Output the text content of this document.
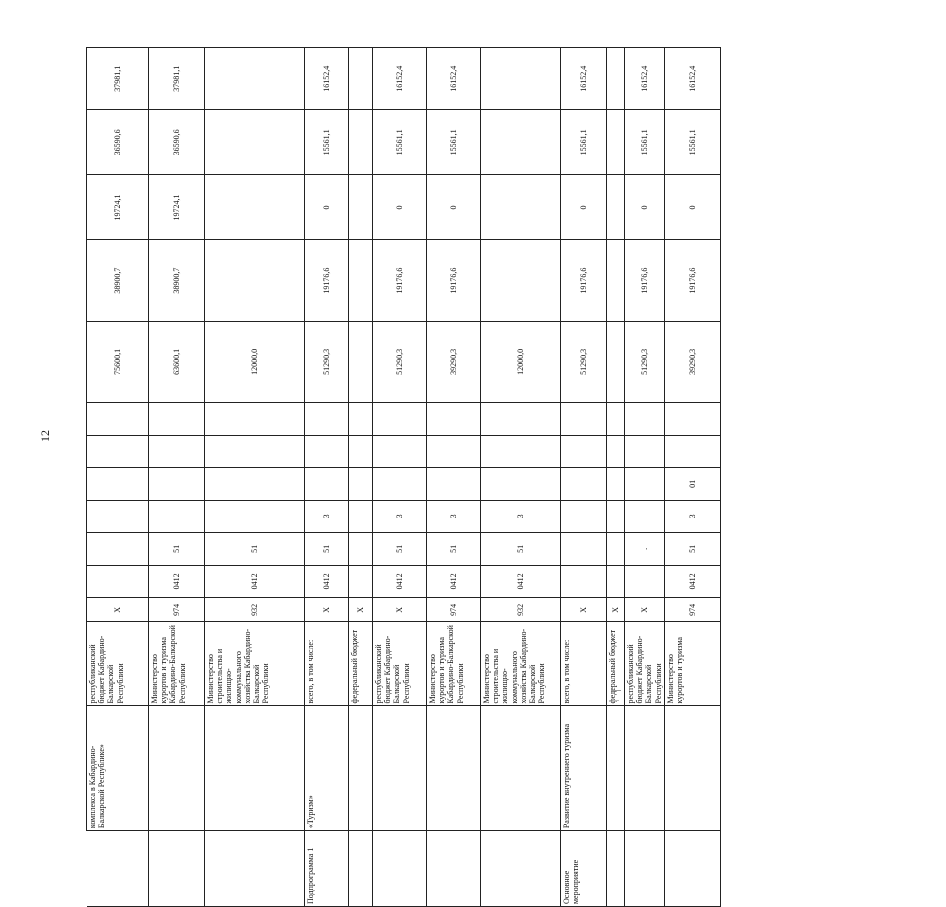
12
	комплекса в Кабардино-Балкарской Республике»	республиканский бюджет Кабардино-Балкарской Республики	Х							75600,1	38900,7	19724,1	36590,6	37981,1
		Министерство курортов и туризма Кабардино-Балкарской Республики	974	0412	51					63600,1	38900,7	19724,1	36590,6	37981,1
		Министерство строительства и жилищно-коммунального хозяйства Кабардино-Балкарской Республики	932	0412	51					12000,0				
Подпрограмма 1	«Туризм»	всего, в том числе:	Х	0412	51	3				51290,3	19176,6	0	15561,1	16152,4
		федеральный бюджет	Х											
		республиканский бюджет Кабардино-Балкарской Республики	Х	0412	51	3				51290,3	19176,6	0	15561,1	16152,4
		Министерство курортов и туризма Кабардино-Балкарской Республики	974	0412	51	3				39290,3	19176,6	0	15561,1	16152,4
		Министерство строительства и жилищно-коммунального хозяйства Кабардино-Балкарской Республики	932	0412	51	3				12000,0				
Основное мероприятие	Развитие внутреннего туризма	всего, в том числе:	Х							51290,3	19176,6	0	15561,1	16152,4
		федеральный бюджет	Х											
		республиканский бюджет Кабардино-Балкарской Республики	Х		.					51290,3	19176,6	0	15561,1	16152,4
		Министерство курортов и туризма	974	0412	51	3	01			39290,3	19176,6	0	15561,1	16152,4
